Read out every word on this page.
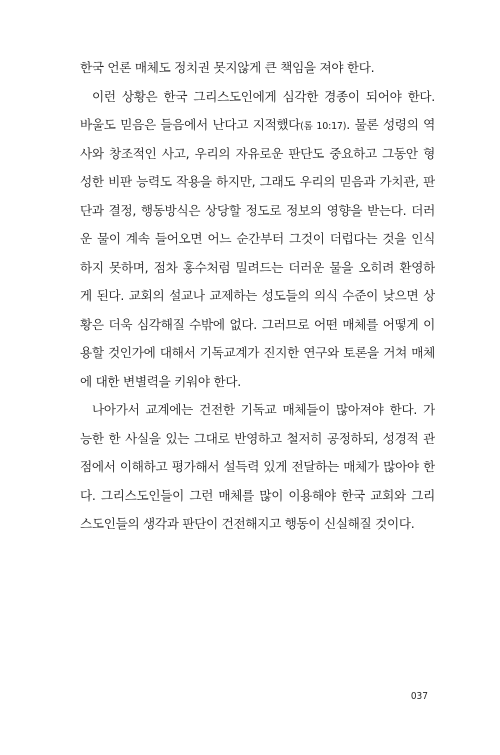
한국 언론 매체도 정치권 못지않게 큰 책임을 져야 한다.
이런 상황은 한국 그리스도인에게 심각한 경종이 되어야 한다.
바울도 믿음은 들음에서 난다고 지적했다(롬 10:17). 물론 성령의 역
사와 창조적인 사고, 우리의 자유로운 판단도 중요하고 그동안 형
성한 비판 능력도 작용을 하지만, 그래도 우리의 믿음과 가치관, 판
단과 결정, 행동방식은 상당할 정도로 정보의 영향을 받는다. 더러
운 물이 계속 들어오면 어느 순간부터 그것이 더럽다는 것을 인식
하지 못하며, 점차 홍수처럼 밀려드는 더러운 물을 오히려 환영하
게 된다. 교회의 설교나 교제하는 성도들의 의식 수준이 낮으면 상
황은 더욱 심각해질 수밖에 없다. 그러므로 어떤 매체를 어떻게 이
용할 것인가에 대해서 기독교계가 진지한 연구와 토론을 거쳐 매체
에 대한 변별력을 키워야 한다.
나아가서 교계에는 건전한 기독교 매체들이 많아져야 한다. 가
능한 한 사실을 있는 그대로 반영하고 철저히 공정하되, 성경적 관
점에서 이해하고 평가해서 설득력 있게 전달하는 매체가 많아야 한
다. 그리스도인들이 그런 매체를 많이 이용해야 한국 교회와 그리
스도인들의 생각과 판단이 건전해지고 행동이 신실해질 것이다.
037
